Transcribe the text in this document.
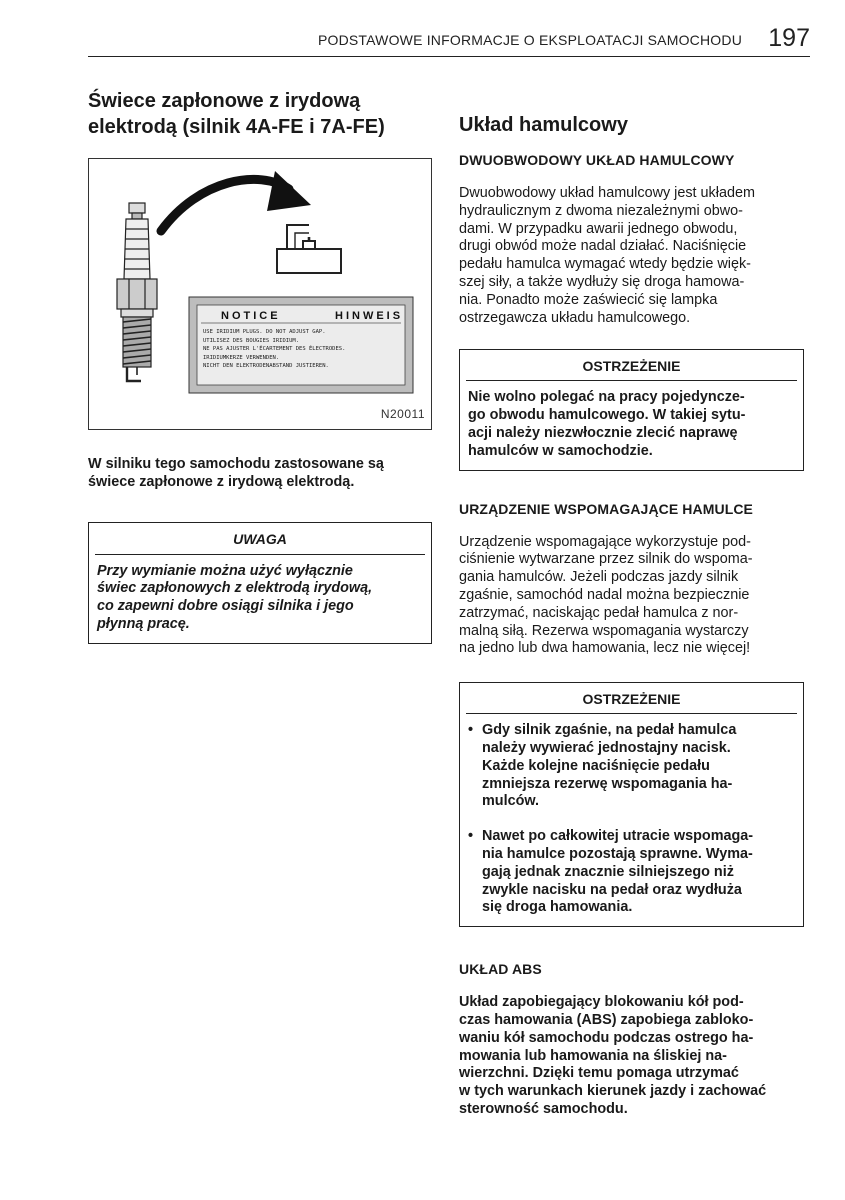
PODSTAWOWE INFORMACJE O EKSPLOATACJI SAMOCHODU 197
Świece zapłonowe z irydową
elektrodą (silnik 4A-FE i 7A-FE)
NOTICE	HINWEIS
USE IRIDIUM PLUGS. DO NOT ADJUST GAP.
UTILISEZ DES BOUGIES IRIDIUM.
NE PAS AJUSTER L'ÉCARTEMENT DES ÉLECTRODES.
IRIDIUMKERZE VERWENDEN.
NICHT DEN ELEKTRODENABSTAND JUSTIEREN.
N20011
W silniku tego samochodu zastosowane są
świece zapłonowe z irydową elektrodą.
UWAGA
Przy wymianie można użyć wyłącznie
świec zapłonowych z elektrodą irydową,
co zapewni dobre osiągi silnika i jego
płynną pracę.
Układ hamulcowy
DWUOBWODOWY UKŁAD HAMULCOWY
Dwuobwodowy układ hamulcowy jest układem
hydraulicznym z dwoma niezależnymi obwo-
dami. W przypadku awarii jednego obwodu,
drugi obwód może nadal działać. Naciśnięcie
pedału hamulca wymagać wtedy będzie więk-
szej siły, a także wydłuży się droga hamowa-
nia. Ponadto może zaświecić się lampka
ostrzegawcza układu hamulcowego.
OSTRZEŻENIE
Nie wolno polegać na pracy pojedyncze-
go obwodu hamulcowego. W takiej sytu-
acji należy niezwłocznie zlecić naprawę
hamulców w samochodzie.
URZĄDZENIE WSPOMAGAJĄCE HAMULCE
Urządzenie wspomagające wykorzystuje pod-
ciśnienie wytwarzane przez silnik do wspoma-
gania hamulców. Jeżeli podczas jazdy silnik
zgaśnie, samochód nadal można bezpiecznie
zatrzymać, naciskając pedał hamulca z nor-
malną siłą. Rezerwa wspomagania wystarczy
na jedno lub dwa hamowania, lecz nie więcej!
OSTRZEŻENIE
• Gdy silnik zgaśnie, na pedał hamulca
należy wywierać jednostajny nacisk.
Każde kolejne naciśnięcie pedału
zmniejsza rezerwę wspomagania ha-
mulców.
• Nawet po całkowitej utracie wspomaga-
nia hamulce pozostają sprawne. Wyma-
gają jednak znacznie silniejszego niż
zwykle nacisku na pedał oraz wydłuża
się droga hamowania.
UKŁAD ABS
Układ zapobiegający blokowaniu kół pod-
czas hamowania (ABS) zapobiega zabloko-
waniu kół samochodu podczas ostrego ha-
mowania lub hamowania na śliskiej na-
wierzchni. Dzięki temu pomaga utrzymać
w tych warunkach kierunek jazdy i zachować
sterowność samochodu.
